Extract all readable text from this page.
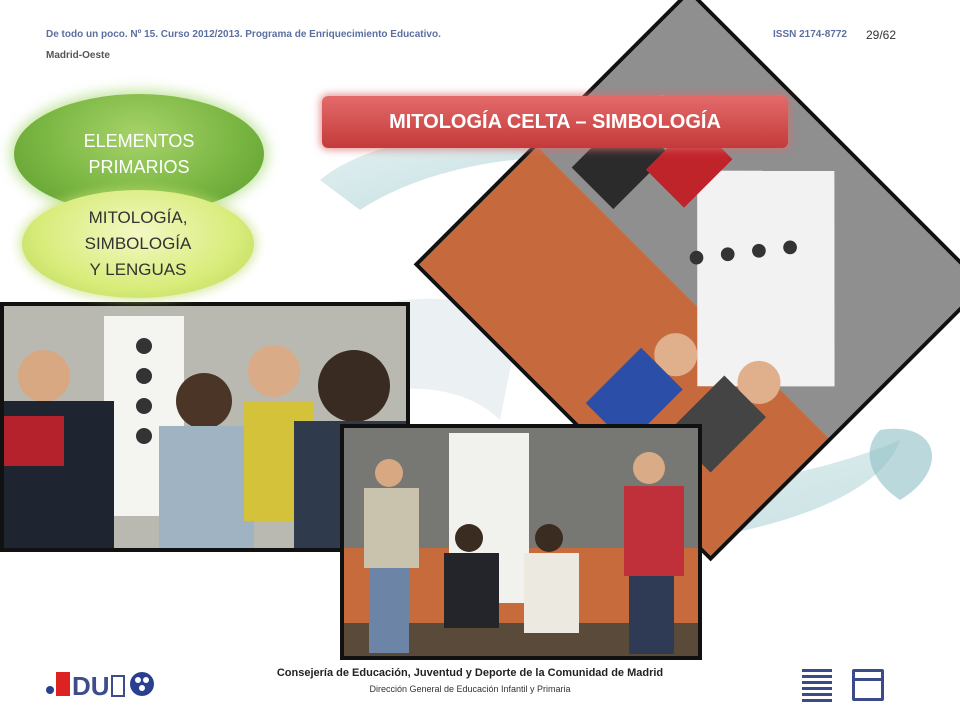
De todo un poco. Nº 15. Curso 2012/2013. Programa de Enriquecimiento Educativo.
Madrid-Oeste
ISSN 2174-8772 29/62
ELEMENTOS PRIMARIOS
MITOLOGÍA,
SIMBOLOGÍA
Y LENGUAS
MITOLOGÍA CELTA – SIMBOLOGÍA
DU	Consejería de Educación, Juventud y Deporte de la Comunidad de Madrid
Dirección General de Educación Infantil y Primaria
